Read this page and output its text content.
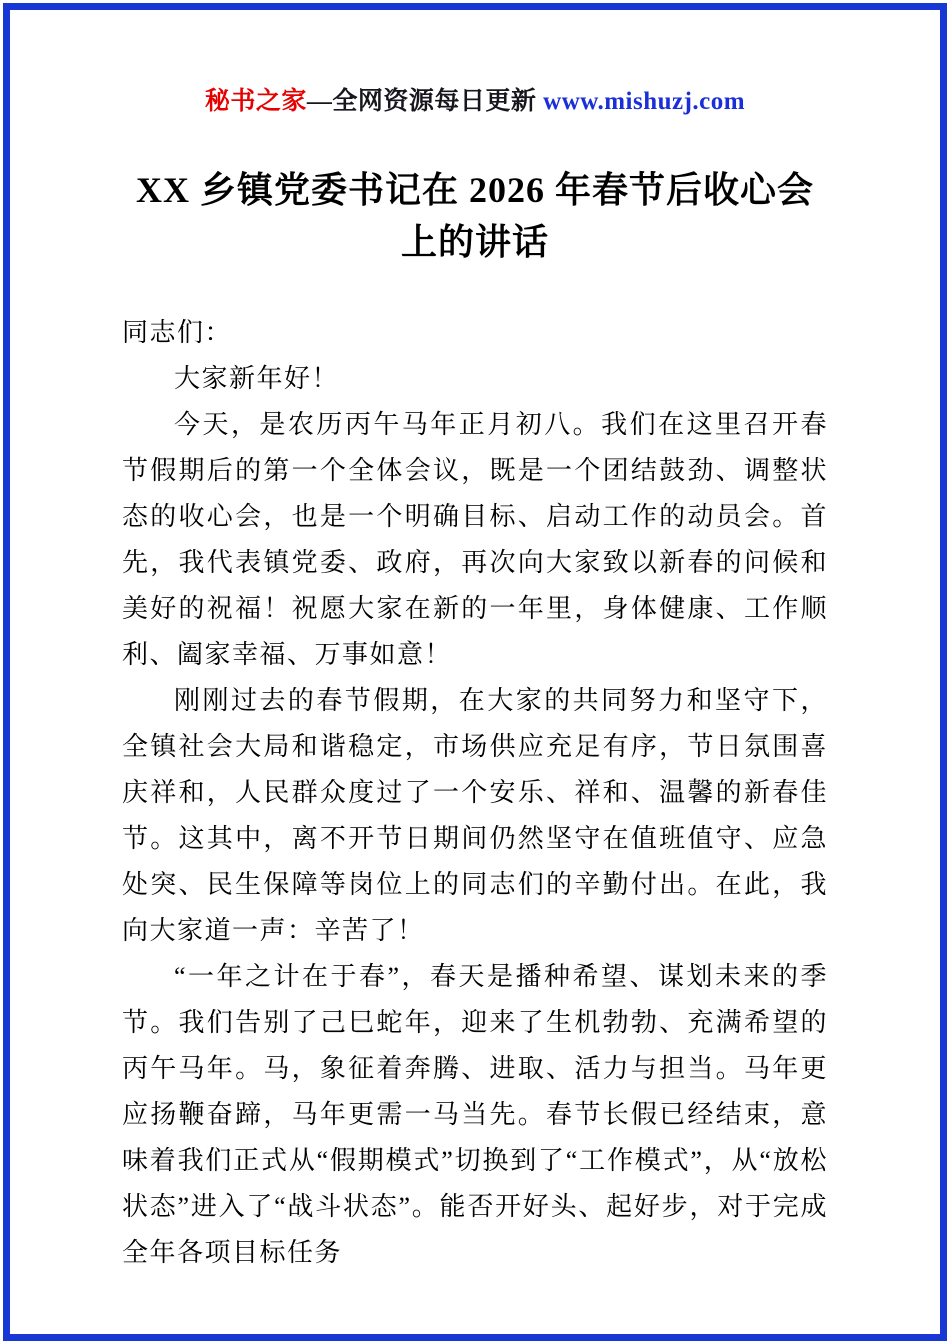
秘书之家—全网资源每日更新 www.mishuzj.com
XX 乡镇党委书记在 2026 年春节后收心会上的讲话

同志们：

大家新年好！

今天，是农历丙午马年正月初八。我们在这里召开春节假期后的第一个全体会议，既是一个团结鼓劲、调整状态的收心会，也是一个明确目标、启动工作的动员会。首先，我代表镇党委、政府，再次向大家致以新春的问候和美好的祝福！祝愿大家在新的一年里，身体健康、工作顺利、阖家幸福、万事如意！

刚刚过去的春节假期，在大家的共同努力和坚守下，全镇社会大局和谐稳定，市场供应充足有序，节日氛围喜庆祥和，人民群众度过了一个安乐、祥和、温馨的新春佳节。这其中，离不开节日期间仍然坚守在值班值守、应急处突、民生保障等岗位上的同志们的辛勤付出。在此，我向大家道一声：辛苦了！

“一年之计在于春”，春天是播种希望、谋划未来的季节。我们告别了己巳蛇年，迎来了生机勃勃、充满希望的丙午马年。马，象征着奔腾、进取、活力与担当。马年更应扬鞭奋蹄，马年更需一马当先。春节长假已经结束，意味着我们正式从“假期模式”切换到了“工作模式”，从“放松状态”进入了“战斗状态”。能否开好头、起好步，对于完成全年各项目标任务
